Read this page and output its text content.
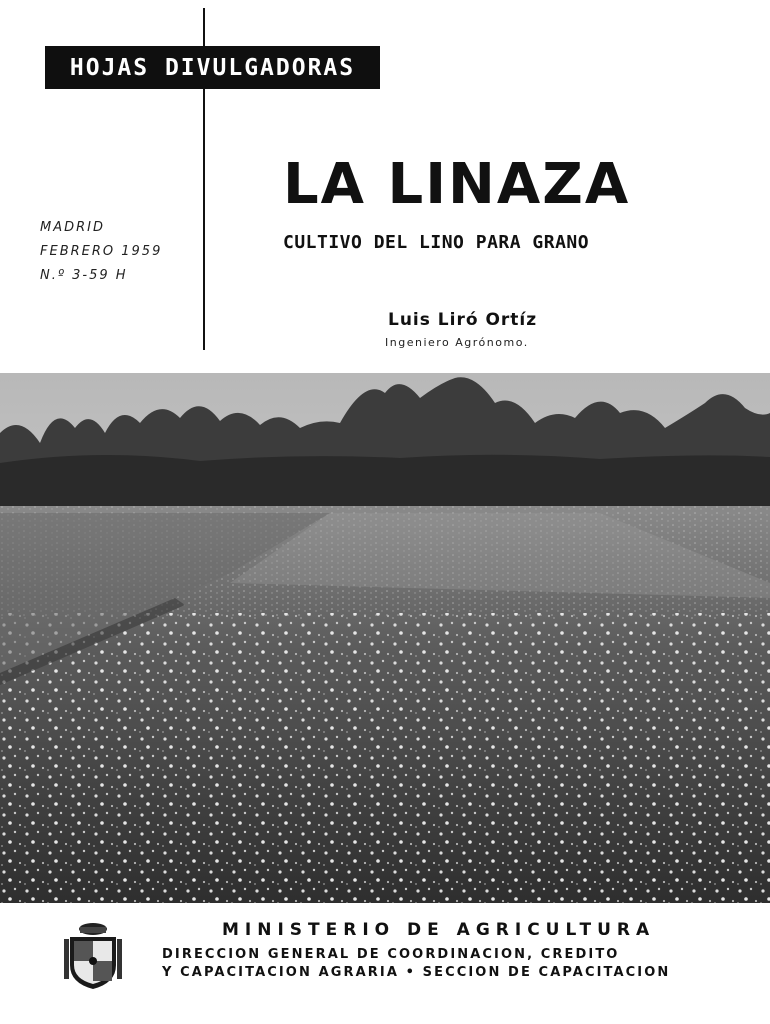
HOJAS DIVULGADORAS
MADRID
FEBRERO 1959
N.º 3-59 H
LA LINAZA
CULTIVO DEL LINO PARA GRANO
Luis Liró Ortíz
Ingeniero Agrónomo.
MINISTERIO DE AGRICULTURA
DIRECCION GENERAL DE COORDINACION, CREDITO
Y CAPACITACION AGRARIA • SECCION DE CAPACITACION
